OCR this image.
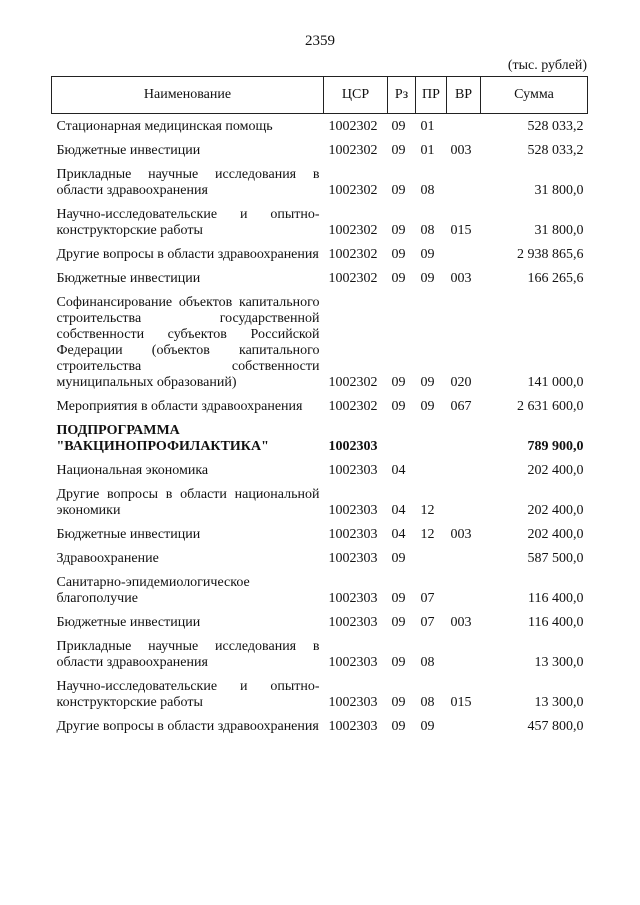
2359
(тыс. рублей)
Наименование	ЦСР	Рз	ПР	ВР	Сумма
Стационарная медицинская помощь	1002302	09	01		528 033,2
Бюджетные инвестиции	1002302	09	01	003	528 033,2
Прикладные научные исследования в области здравоохранения	1002302	09	08		31 800,0
Научно-исследовательские и опытно-конструкторские работы	1002302	09	08	015	31 800,0
Другие вопросы в области здравоохранения	1002302	09	09		2 938 865,6
Бюджетные инвестиции	1002302	09	09	003	166 265,6
Софинансирование объектов капитального строительства государственной собственности субъектов Российской Федерации (объектов капитального строительства собственности муниципальных образований)	1002302	09	09	020	141 000,0
Мероприятия в области здравоохранения	1002302	09	09	067	2 631 600,0
ПОДПРОГРАММА "ВАКЦИНОПРОФИЛАКТИКА"	1002303				789 900,0
Национальная экономика	1002303	04			202 400,0
Другие вопросы в области национальной экономики	1002303	04	12		202 400,0
Бюджетные инвестиции	1002303	04	12	003	202 400,0
Здравоохранение	1002303	09			587 500,0
Санитарно-эпидемиологическое благополучие	1002303	09	07		116 400,0
Бюджетные инвестиции	1002303	09	07	003	116 400,0
Прикладные научные исследования в области здравоохранения	1002303	09	08		13 300,0
Научно-исследовательские и опытно-конструкторские работы	1002303	09	08	015	13 300,0
Другие вопросы в области здравоохранения	1002303	09	09		457 800,0
